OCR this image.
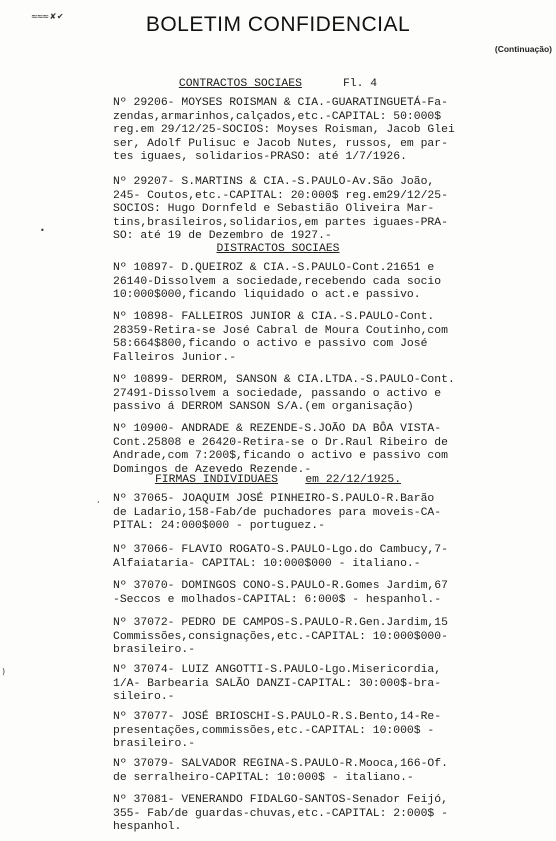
≈≈≈ ✘ ✔	BOLETIM CONFIDENCIAL
(Continuação)
CONTRACTOS SOCIAES	Fl. 4
Nº 29206- MOYSES ROISMAN & CIA.-GUARATINGUETÁ-Fa-
zendas,armarinhos,calçados,etc.-CAPITAL: 50:000$
reg.em 29/12/25-SOCIOS: Moyses Roisman, Jacob Glei
ser, Adolf Pulisuc e Jacob Nutes, russos, em par-
tes iguaes, solidarios-PRASO: até 1/7/1926.
Nº 29207- S.MARTINS & CIA.-S.PAULO-Av.São João,
245- Coutos,etc.-CAPITAL: 20:000$ reg.em29/12/25-
SOCIOS: Hugo Dornfeld e Sebastião Oliveira Mar-
tins,brasileiros,solidarios,em partes iguaes-PRA-
SO: até 19 de Dezembro de 1927.-
DISTRACTOS SOCIAES
Nº 10897- D.QUEIROZ & CIA.-S.PAULO-Cont.21651 e
26140-Dissolvem a sociedade,recebendo cada socio
10:000$000,ficando liquidado o act.e passivo.
Nº 10898- FALLEIROS JUNIOR & CIA.-S.PAULO-Cont.
28359-Retira-se José Cabral de Moura Coutinho,com
58:664$800,ficando o activo e passivo com José
Falleiros Junior.-
Nº 10899- DERROM, SANSON & CIA.LTDA.-S.PAULO-Cont.
27491-Dissolvem a sociedade, passando o activo e
passivo á DERROM SANSON S/A.(em organisação)
Nº 10900- ANDRADE & REZENDE-S.JOÃO DA BÔA VISTA-
Cont.25808 e 26420-Retira-se o Dr.Raul Ribeiro de
Andrade,com 7:200$,ficando o activo e passivo com
Domingos de Azevedo Rezende.-
FIRMAS INDIVIDUAES em 22/12/1925.
Nº 37065- JOAQUIM JOSÉ PINHEIRO-S.PAULO-R.Barão
de Ladario,158-Fab/de puchadores para moveis-CA-
PITAL: 24:000$000 - portuguez.-
Nº 37066- FLAVIO ROGATO-S.PAULO-Lgo.do Cambucy,7-
Alfaiataria- CAPITAL: 10:000$000 - italiano.-
Nº 37070- DOMINGOS CONO-S.PAULO-R.Gomes Jardim,67
-Seccos e molhados-CAPITAL: 6:000$ - hespanhol.-
Nº 37072- PEDRO DE CAMPOS-S.PAULO-R.Gen.Jardim,15
Commissões,consignações,etc.-CAPITAL: 10:000$000-
brasileiro.-
Nº 37074- LUIZ ANGOTTI-S.PAULO-Lgo.Misericordia,
1/A- Barbearia SALÃO DANZI-CAPITAL: 30:000$-bra-
sileiro.-
Nº 37077- JOSÉ BRIOSCHI-S.PAULO-R.S.Bento,14-Re-
presentações,commissões,etc.-CAPITAL: 10:000$ -
brasileiro.-
Nº 37079- SALVADOR REGINA-S.PAULO-R.Mooca,166-Of.
de serralheiro-CAPITAL: 10:000$ - italiano.-
Nº 37081- VENERANDO FIDALGO-SANTOS-Senador Feijó,
355- Fab/de guardas-chuvas,etc.-CAPITAL: 2:000$ -
hespanhol.
•
‘
)
